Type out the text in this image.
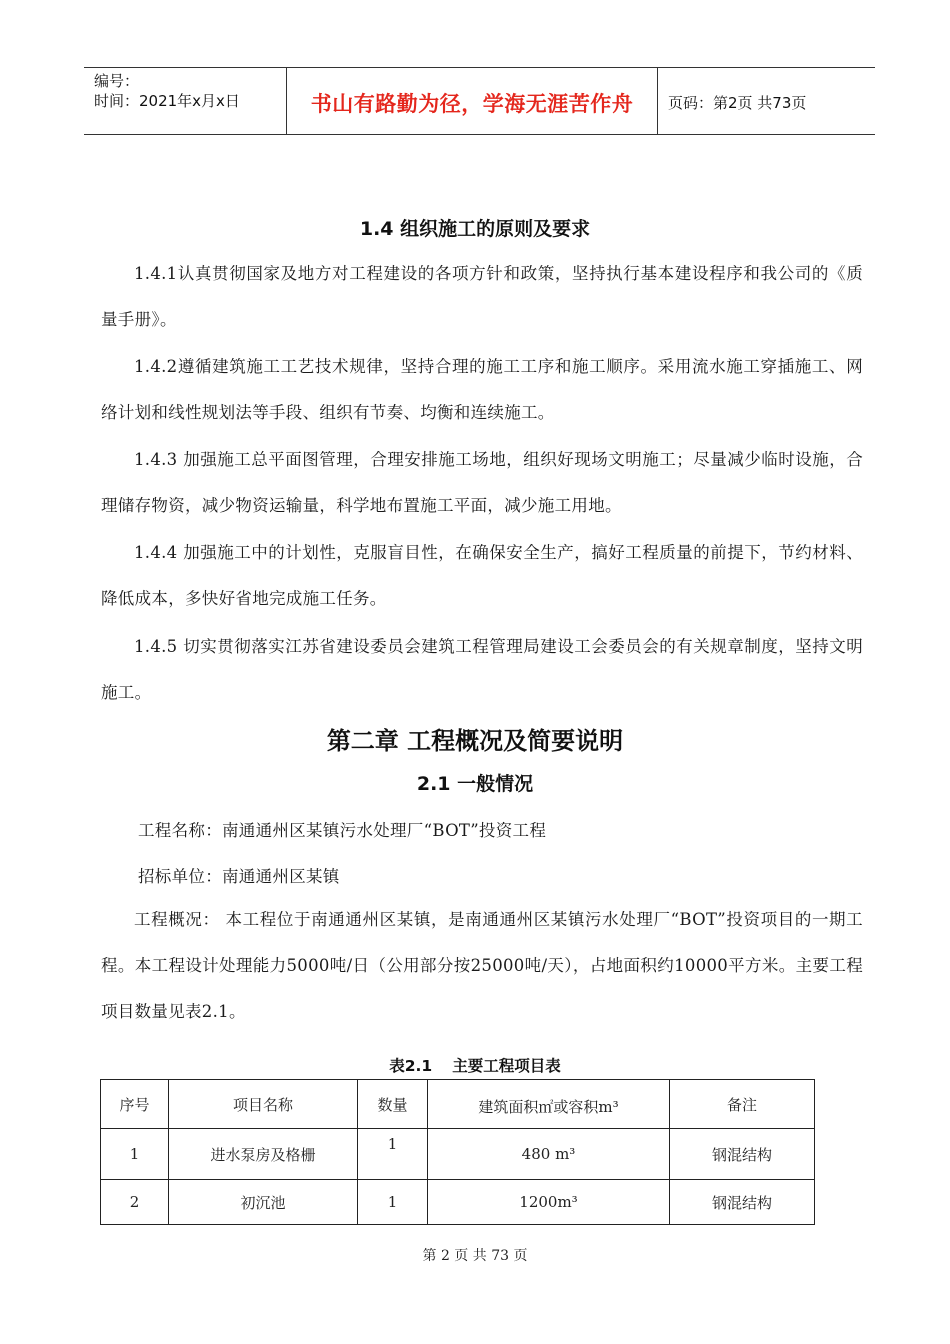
编号：
时间：2021年x月x日	书山有路勤为径，学海无涯苦作舟	页码：第2页 共73页
1.4 组织施工的原则及要求
1.4.1认真贯彻国家及地方对工程建设的各项方针和政策，坚持执行基本建设程序和我公司的《质量手册》。
1.4.2遵循建筑施工工艺技术规律，坚持合理的施工工序和施工顺序。采用流水施工穿插施工、网络计划和线性规划法等手段、组织有节奏、均衡和连续施工。
1.4.3 加强施工总平面图管理，合理安排施工场地，组织好现场文明施工；尽量减少临时设施，合理储存物资，减少物资运输量，科学地布置施工平面，减少施工用地。
1.4.4 加强施工中的计划性，克服盲目性，在确保安全生产，搞好工程质量的前提下，节约材料、降低成本，多快好省地完成施工任务。
1.4.5 切实贯彻落实江苏省建设委员会建筑工程管理局建设工会委员会的有关规章制度，坚持文明施工。
第二章 工程概况及简要说明
2.1 一般情况
工程名称：南通通州区某镇污水处理厂“BOT”投资工程
招标单位：南通通州区某镇
工程概况： 本工程位于南通通州区某镇，是南通通州区某镇污水处理厂“BOT”投资项目的一期工程。本工程设计处理能力5000吨/日（公用部分按25000吨/天），占地面积约10000平方米。主要工程项目数量见表2.1。
表2.1 主要工程项目表
序号	项目名称	数量	建筑面积㎡或容积m³	备注
1	进水泵房及格栅	1	480 m³	钢混结构
2	初沉池	1	1200m³	钢混结构
第 2 页 共 73 页
